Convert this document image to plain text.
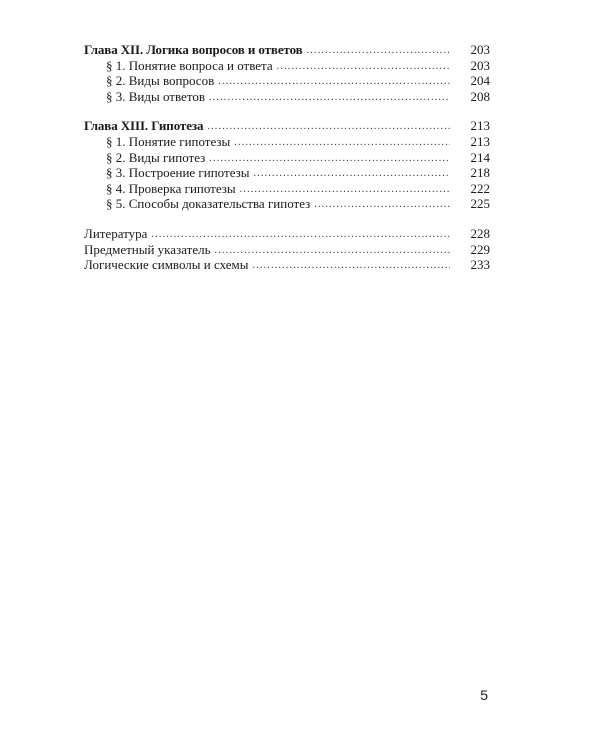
Глава XII. Логика вопросов и ответов .....	203
§ 1. Понятие вопроса и ответа .....	203
§ 2. Виды вопросов .....	204
§ 3. Виды ответов .....	208
Глава XIII. Гипотеза .....	213
§ 1. Понятие гипотезы .....	213
§ 2. Виды гипотез .....	214
§ 3. Построение гипотезы .....	218
§ 4. Проверка гипотезы .....	222
§ 5. Способы доказательства гипотез .....	225
Литература .....	228
Предметный указатель .....	229
Логические символы и схемы .....	233
5
